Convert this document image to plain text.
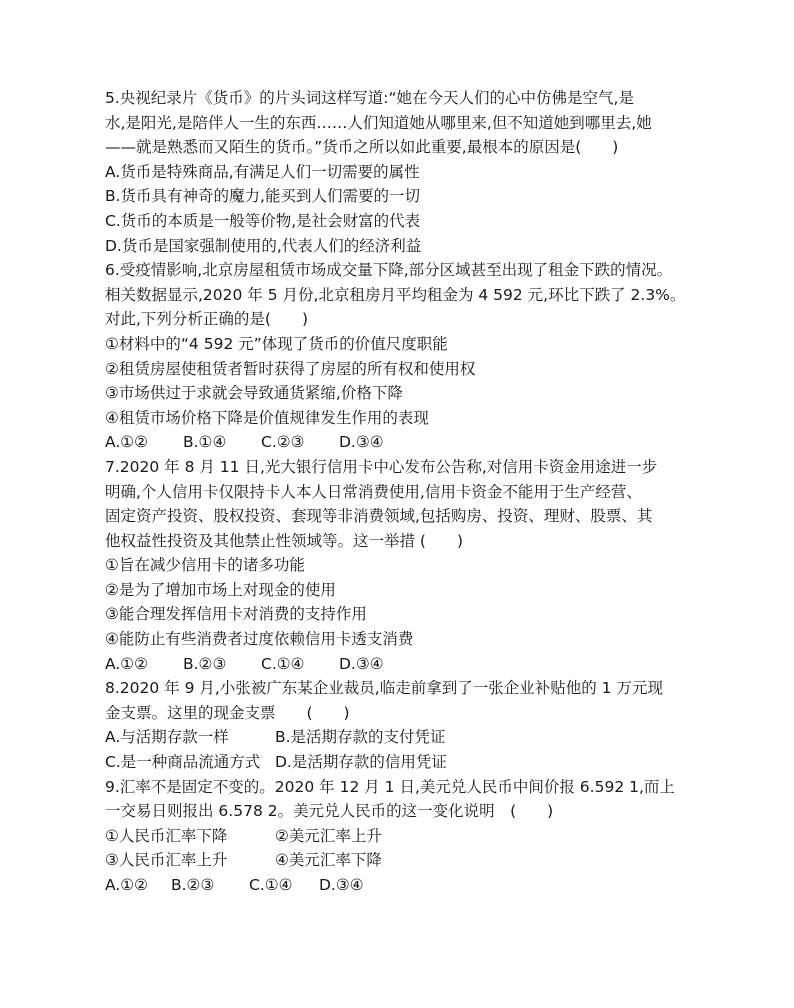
5.央视纪录片《货币》的片头词这样写道:“她在今天人们的心中仿佛是空气,是
水,是阳光,是陪伴人一生的东西……人们知道她从哪里来,但不知道她到哪里去,她
——就是熟悉而又陌生的货币。”货币之所以如此重要,最根本的原因是(　　)
A.货币是特殊商品,有满足人们一切需要的属性
B.货币具有神奇的魔力,能买到人们需要的一切
C.货币的本质是一般等价物,是社会财富的代表
D.货币是国家强制使用的,代表人们的经济利益
6.受疫情影响,北京房屋租赁市场成交量下降,部分区域甚至出现了租金下跌的情况。
相关数据显示,2020 年 5 月份,北京租房月平均租金为 4 592 元,环比下跌了 2.3%。
对此,下列分析正确的是(　　)
①材料中的“4 592 元”体现了货币的价值尺度职能
②租赁房屋使租赁者暂时获得了房屋的所有权和使用权
③市场供过于求就会导致通货紧缩,价格下降
④租赁市场价格下降是价值规律发生作用的表现
A.①②	B.①④	C.②③	D.③④
7.2020 年 8 月 11 日,光大银行信用卡中心发布公告称,对信用卡资金用途进一步
明确,个人信用卡仅限持卡人本人日常消费使用,信用卡资金不能用于生产经营、
固定资产投资、股权投资、套现等非消费领域,包括购房、投资、理财、股票、其
他权益性投资及其他禁止性领域等。这一举措 (　　)
①旨在减少信用卡的诸多功能
②是为了增加市场上对现金的使用
③能合理发挥信用卡对消费的支持作用
④能防止有些消费者过度依赖信用卡透支消费
A.①②	B.②③	C.①④	D.③④
8.2020 年 9 月,小张被广东某企业裁员,临走前拿到了一张企业补贴他的 1 万元现
金支票。这里的现金支票　　(　　)
A.与活期存款一样	B.是活期存款的支付凭证
C.是一种商品流通方式 D.是活期存款的信用凭证
9.汇率不是固定不变的。2020 年 12 月 1 日,美元兑人民币中间价报 6.592 1,而上
一交易日则报出 6.578 2。美元兑人民币的这一变化说明　(　　)
①人民币汇率下降	②美元汇率上升
③人民币汇率上升	④美元汇率下降
A.①②	B.②③	C.①④	D.③④
